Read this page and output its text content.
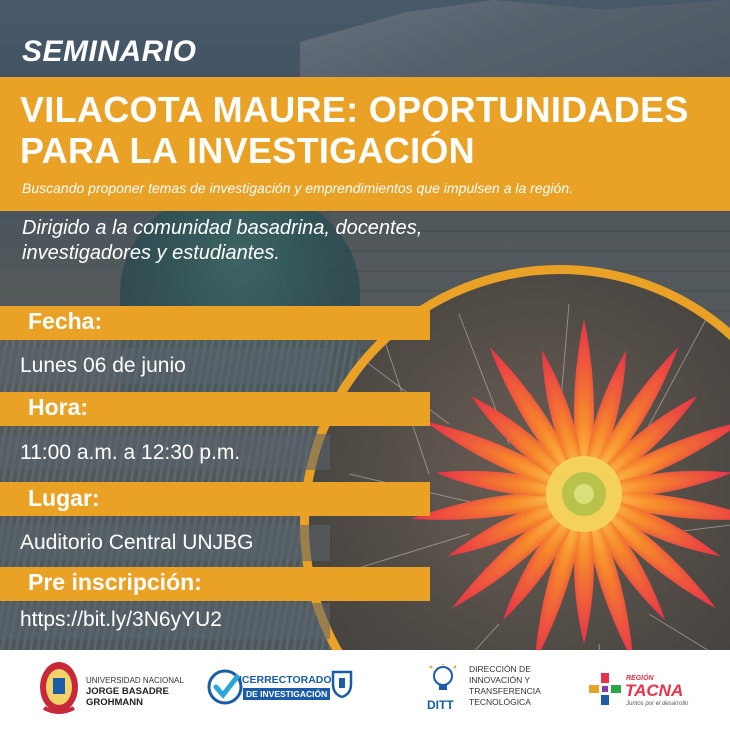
SEMINARIO
VILACOTA MAURE: OPORTUNIDADES
PARA LA INVESTIGACIÓN
Buscando proponer temas de investigación y emprendimientos que impulsen a la región.
Dirigido a la comunidad basadrina, docentes,
investigadores y estudiantes.
Fecha:
Lunes 06 de junio
Hora:
11:00 a.m. a 12:30 p.m.
Lugar:
Auditorio Central UNJBG
Pre inscripción:
https://bit.ly/3N6yYU2
UNIVERSIDAD NACIONAL
JORGE BASADRE
GROHMANN
ICERRECTORADO
DE INVESTIGACIÓN
DITT
DIRECCIÓN DE
INNOVACIÓN Y
TRANSFERENCIA
TECNOLÓGICA
REGIÓN
TACNA
Juntos por el desarrollo
